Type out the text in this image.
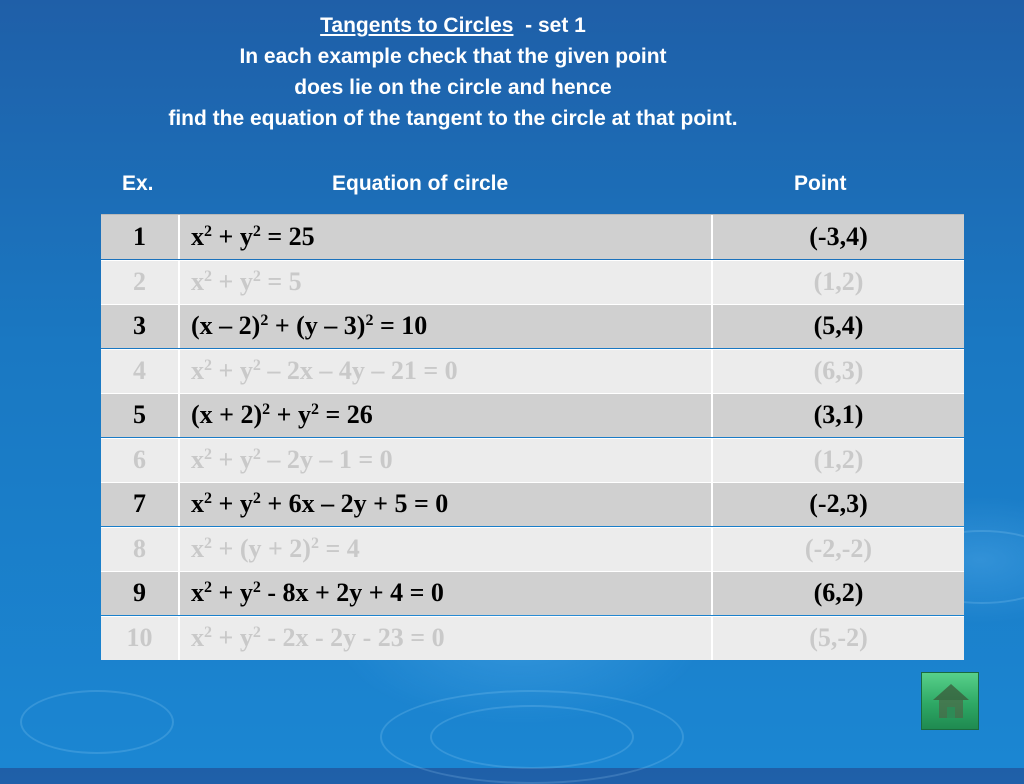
Tangents to Circles - set 1
In each example check that the given point
does lie on the circle and hence
find the equation of the tangent to the circle at that point.
Ex.	Equation of circle	Point
1	$x^2 + y^2 = 25$	(-3,4)
2	$x^2 + y^2 = 5$	(1,2)
3	(x – 2)$^2$ + (y – 3)$^2$ = 10	(5,4)
4	$x^2 + y^2 - 2x - 4y - 21 = 0$	(6,3)
5	$(x + 2)^2 + y^2 = 26$	(3,1)
6	$x^2 + y^2 - 2y - 1 = 0$	(1,2)
7	$x^2 + y^2 + 6x - 2y + 5 = 0$	(-2,3)
8	$x^2 + (y + 2)^2 = 4$	(-2,-2)
9	$x^2 + y^2 - 8x + 2y + 4 = 0$	(6,2)
10	$x^2 + y^2 - 2x - 2y - 23 = 0$	(5,-2)
